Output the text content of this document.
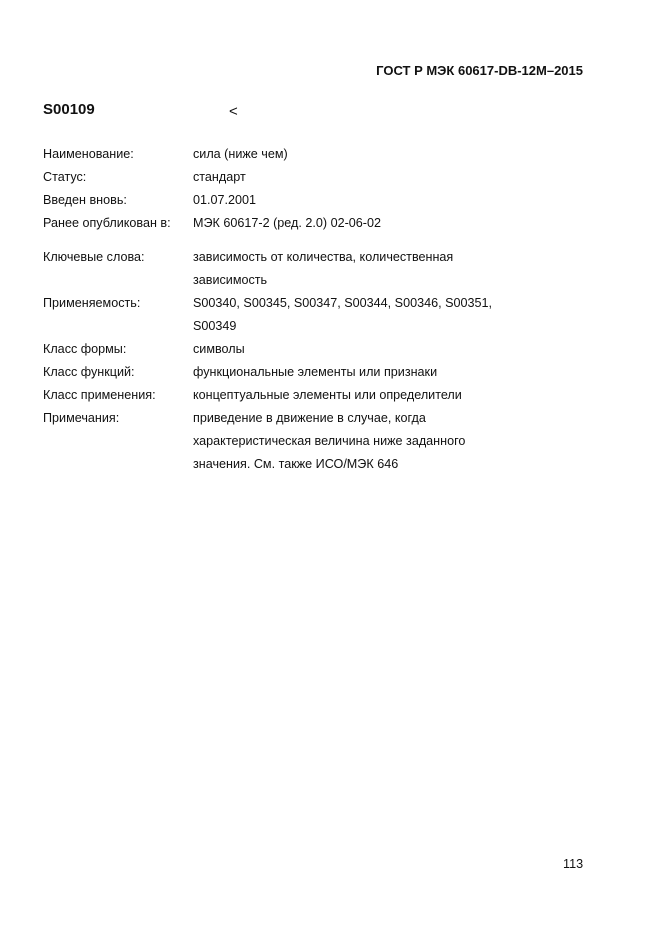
ГОСТ Р МЭК 60617-DB-12M–2015
S00109	<
Наименование:	сила (ниже чем)
Статус:	стандарт
Введен вновь:	01.07.2001
Ранее опубликован в:	МЭК 60617-2 (ред. 2.0) 02-06-02
Ключевые слова:	зависимость от количества, количественная
зависимость
Применяемость:	S00340, S00345, S00347, S00344, S00346, S00351,
S00349
Класс формы:	символы
Класс функций:	функциональные элементы или признаки
Класс применения:	концептуальные элементы или определители
Примечания:	приведение в движение в случае, когда
характеристическая величина ниже заданного
значения. См. также ИСО/МЭК 646
113
